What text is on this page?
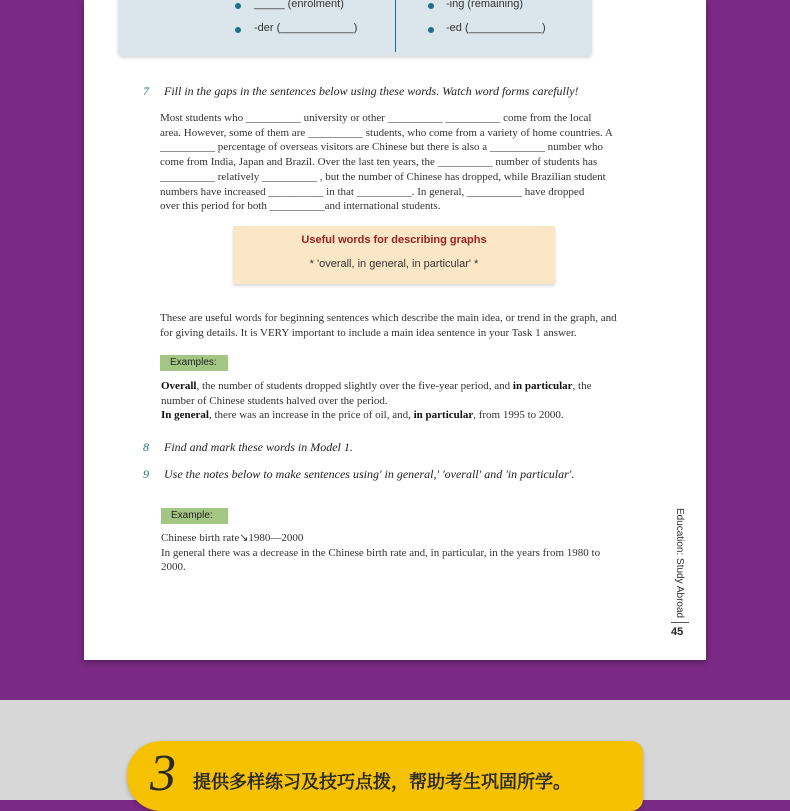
_____ (enrolment)
-der (____________)
-ing (remaining)
-ed (____________)
7 Fill in the gaps in the sentences below using these words. Watch word forms carefully!
Most students who __________ university or other __________ __________ come from the local
area. However, some of them are __________ students, who come from a variety of home countries. A
__________ percentage of overseas visitors are Chinese but there is also a __________ number who
come from India, Japan and Brazil. Over the last ten years, the __________ number of students has
__________ relatively __________ , but the number of Chinese has dropped, while Brazilian student
numbers have increased __________ in that __________. In general, __________ have dropped
over this period for both __________and international students.
Useful words for describing graphs
* 'overall, in general, in particular' *
These are useful words for beginning sentences which describe the main idea, or trend in the graph, and
for giving details. It is VERY important to include a main idea sentence in your Task 1 answer.
Examples:
Overall, the number of students dropped slightly over the five-year period, and in particular, the
number of Chinese students halved over the period.
In general, there was an increase in the price of oil, and, in particular, from 1995 to 2000.
8 Find and mark these words in Model 1.
9 Use the notes below to make sentences using' in general,' 'overall' and 'in particular'.
Example:
Chinese birth rate↘1980—2000
In general there was a decrease in the Chinese birth rate and, in particular, in the years from 1980 to
2000.	Education: Study Abroad
45
3 提供多样练习及技巧点拨，帮助考生巩固所学。
